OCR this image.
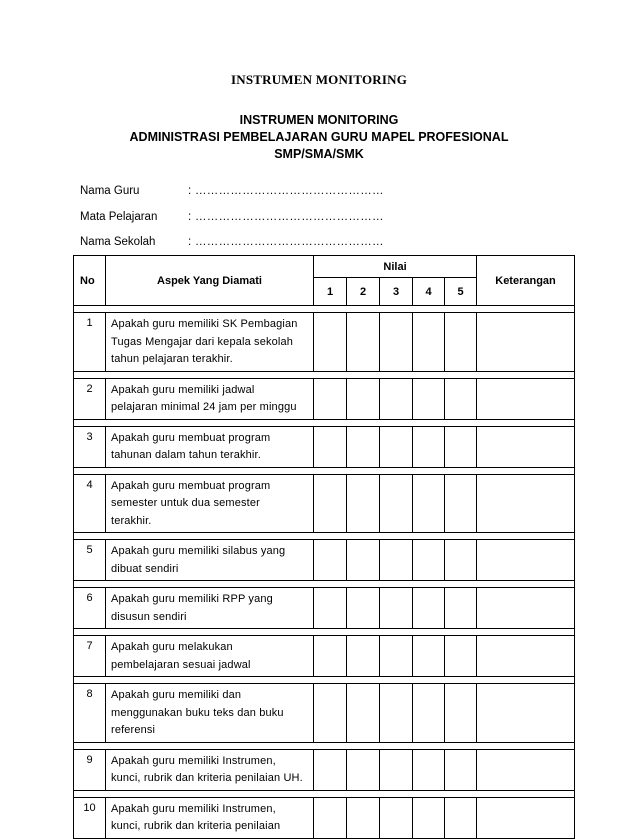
INSTRUMEN MONITORING
INSTRUMEN MONITORING
ADMINISTRASI PEMBELAJARAN GURU MAPEL PROFESIONAL
SMP/SMA/SMK
Nama Guru	: …………………………………………
Mata Pelajaran	: …………………………………………
Nama Sekolah	: …………………………………………
No	Aspek Yang Diamati	Nilai					Keterangan
		1	2	3	4	5	

1	Apakah guru memiliki SK Pembagian
Tugas Mengajar dari kepala sekolah
tahun pelajaran terakhir.						

2	Apakah guru memiliki jadwal
pelajaran minimal 24 jam per minggu						

3	Apakah guru membuat program
tahunan dalam tahun terakhir.						

4	Apakah guru membuat program
semester untuk dua semester
terakhir.						

5	Apakah guru memiliki silabus yang
dibuat sendiri						

6	Apakah guru memiliki RPP yang
disusun sendiri						

7	Apakah guru melakukan
pembelajaran sesuai jadwal						

8	Apakah guru memiliki dan
menggunakan buku teks dan buku
referensi						

9	Apakah guru memiliki Instrumen,
kunci, rubrik dan kriteria penilaian UH.						

10	Apakah guru memiliki Instrumen,
kunci, rubrik dan kriteria penilaian						
